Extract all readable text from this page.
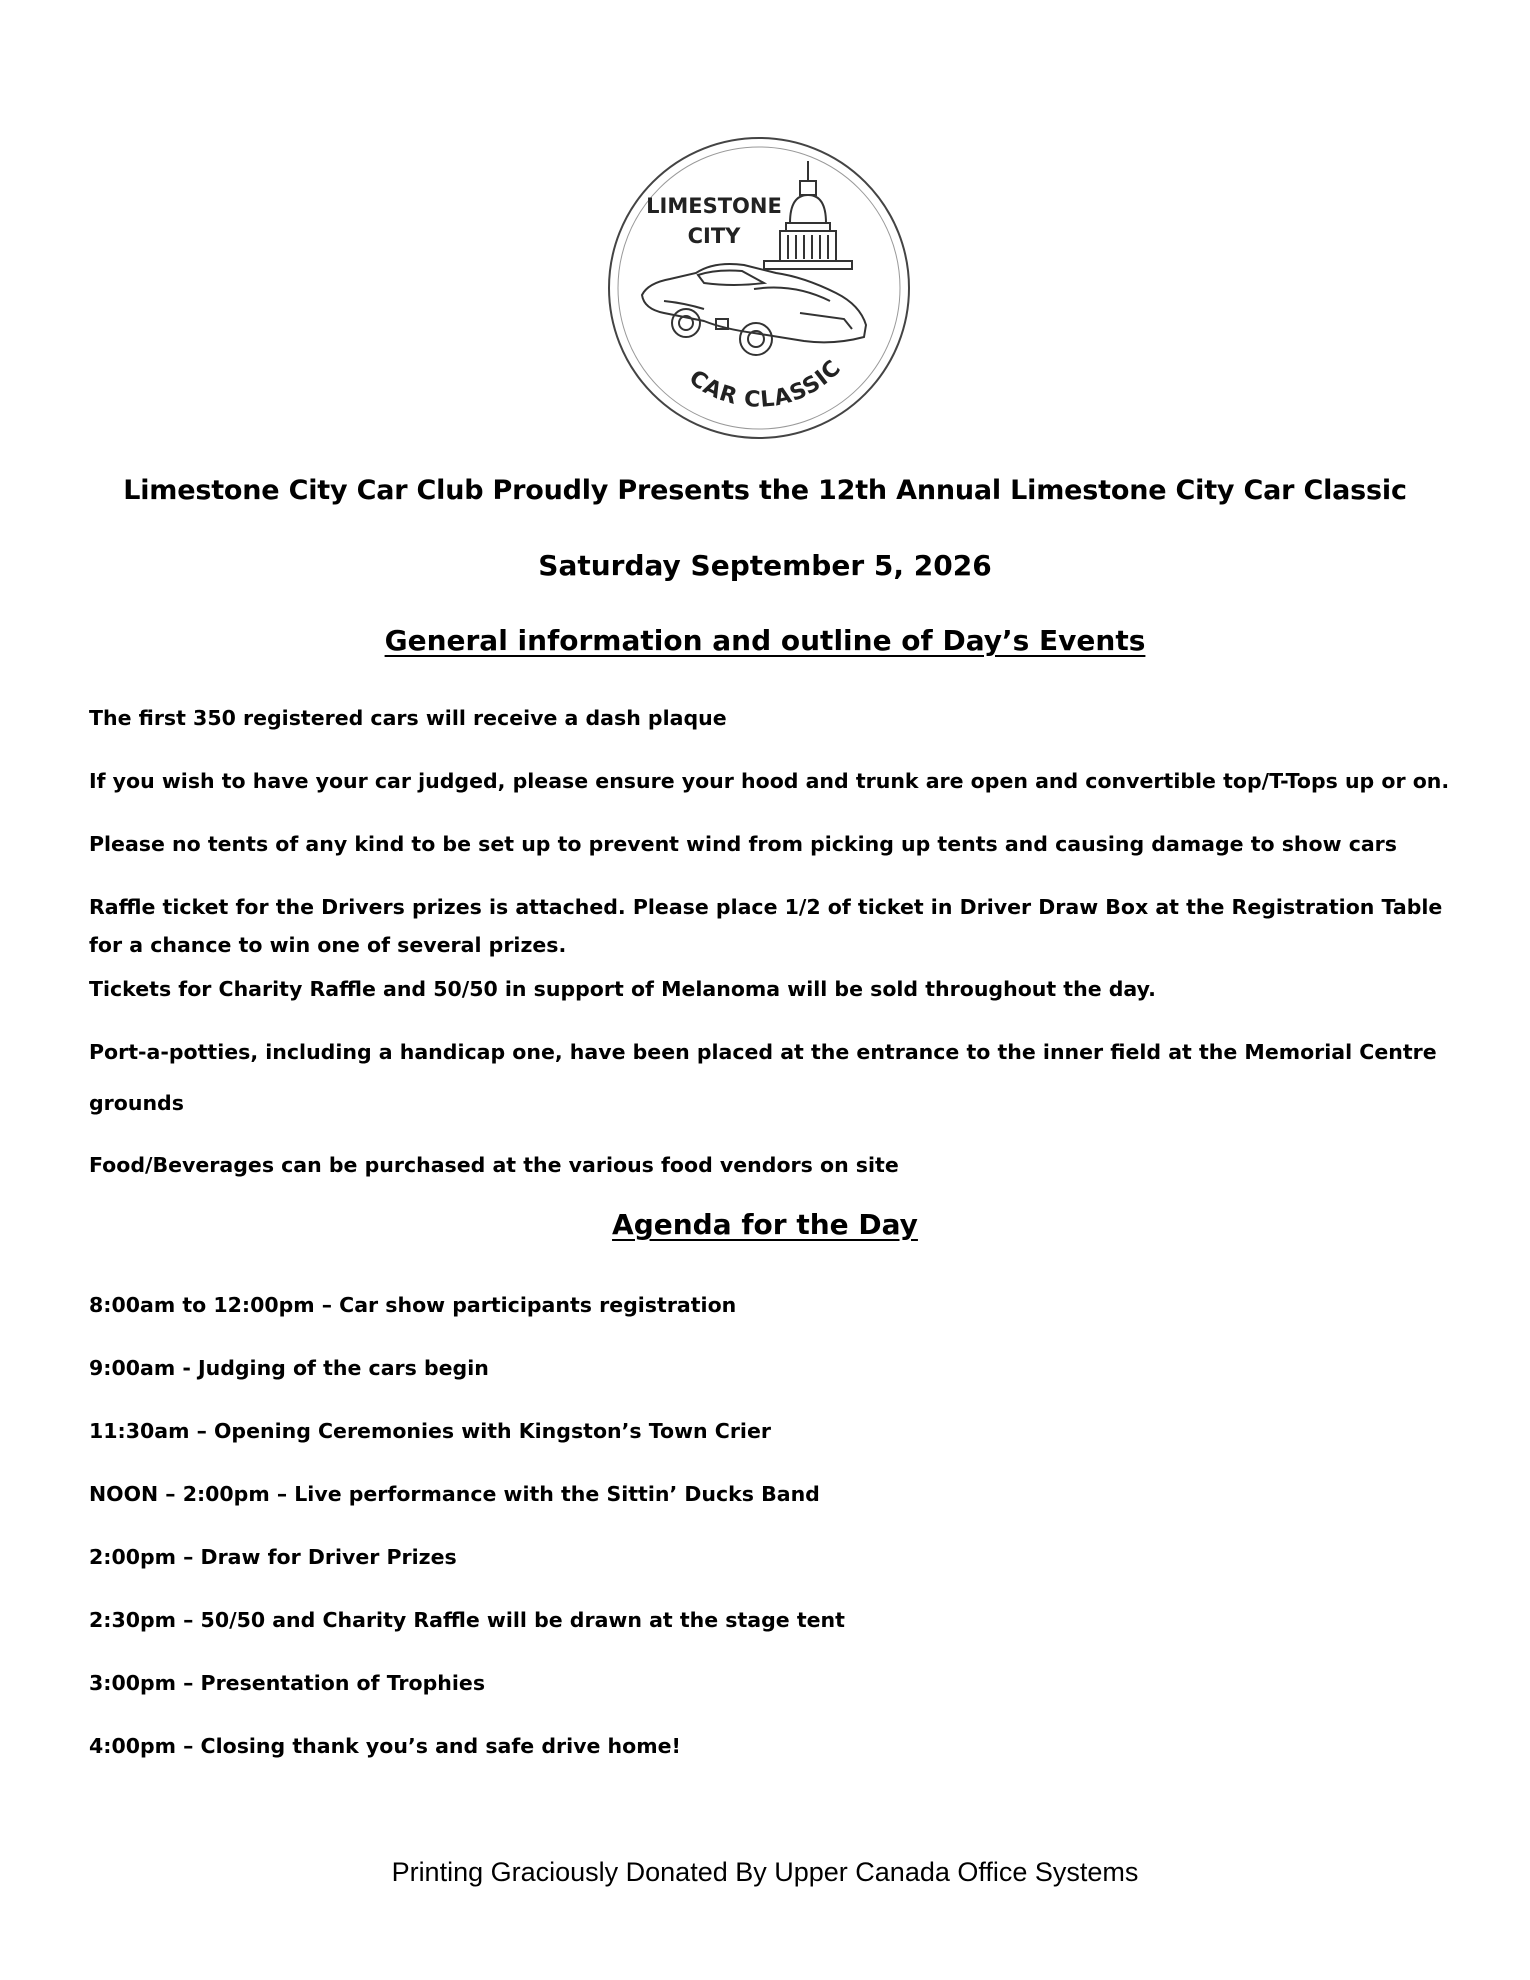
LIMESTONE
CITY
CAR CLASSIC
Limestone City Car Club Proudly Presents the 12th Annual Limestone City Car Classic
Saturday September 5, 2026
General information and outline of Day’s Events

The first 350 registered cars will receive a dash plaque

If you wish to have your car judged, please ensure your hood and trunk are open and convertible top/T-Tops up or on.

Please no tents of any kind to be set up to prevent wind from picking up tents and causing damage to show cars

Raffle ticket for the Drivers prizes is attached. Please place 1/2 of ticket in Driver Draw Box at the Registration Table

for a chance to win one of several prizes.

Tickets for Charity Raffle and 50/50 in support of Melanoma will be sold throughout the day.

Port-a-potties, including a handicap one, have been placed at the entrance to the inner field at the Memorial Centre

grounds

Food/Beverages can be purchased at the various food vendors on site

Agenda for the Day

8:00am to 12:00pm – Car show participants registration

9:00am - Judging of the cars begin

11:30am – Opening Ceremonies with Kingston’s Town Crier

NOON – 2:00pm – Live performance with the Sittin’ Ducks Band

2:00pm – Draw for Driver Prizes

2:30pm – 50/50 and Charity Raffle will be drawn at the stage tent

3:00pm – Presentation of Trophies

4:00pm – Closing thank you’s and safe drive home!

Printing Graciously Donated By Upper Canada Office Systems
